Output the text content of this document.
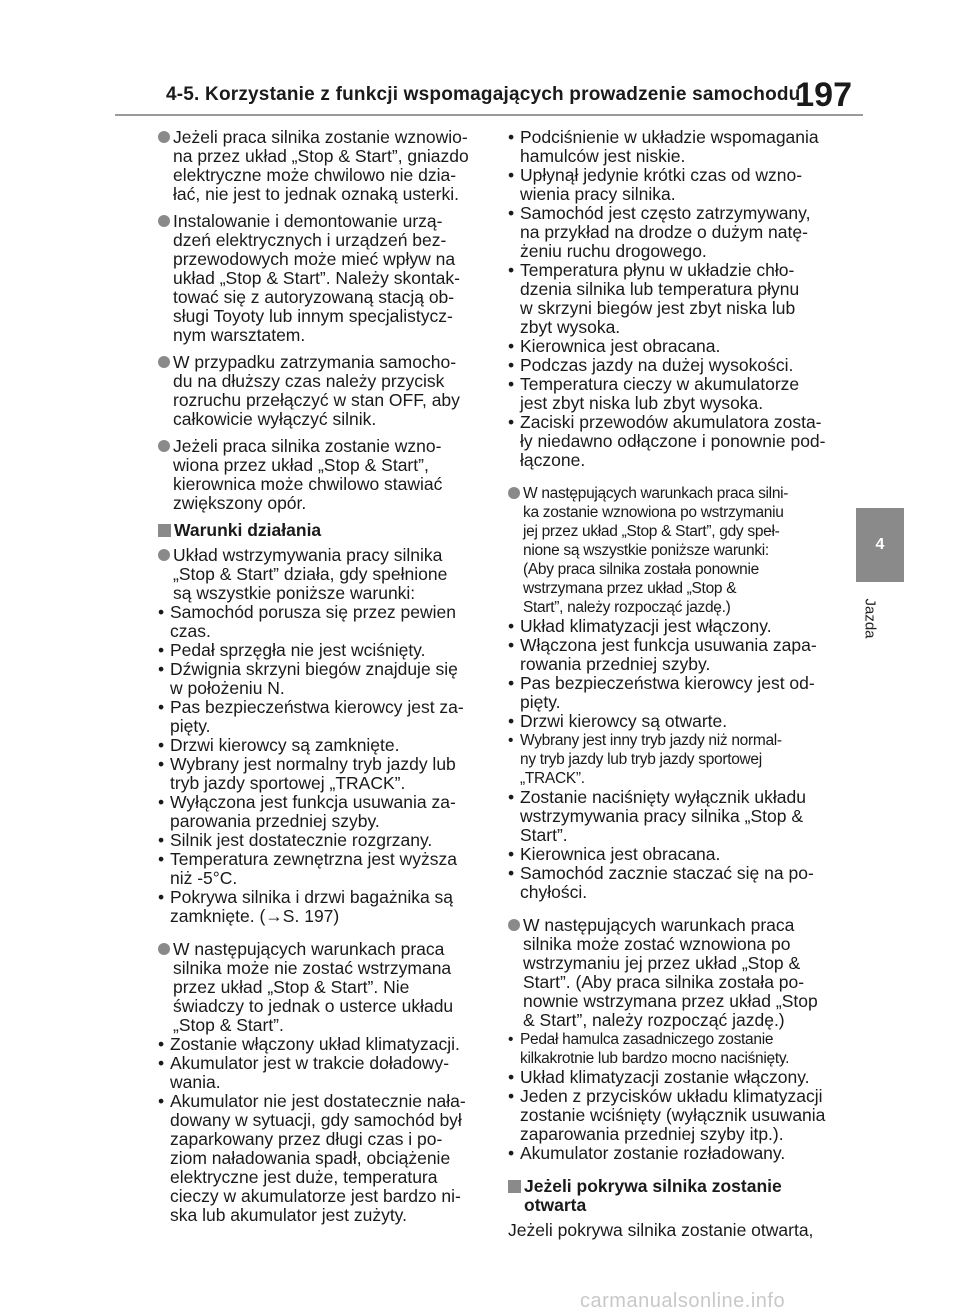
4-5. Korzystanie z funkcji wspomagających prowadzenie samochodu
197
Jeżeli praca silnika zostanie wznowio-
na przez układ „Stop & Start”, gniazdo
elektryczne może chwilowo nie dzia-
łać, nie jest to jednak oznaką usterki.
Instalowanie i demontowanie urzą-
dzeń elektrycznych i urządzeń bez-
przewodowych może mieć wpływ na
układ „Stop & Start”. Należy skontak-
tować się z autoryzowaną stacją ob-
sługi Toyoty lub innym specjalistycz-
nym warsztatem.
W przypadku zatrzymania samocho-
du na dłuższy czas należy przycisk
rozruchu przełączyć w stan OFF, aby
całkowicie wyłączyć silnik.
Jeżeli praca silnika zostanie wzno-
wiona przez układ „Stop & Start”,
kierownica może chwilowo stawiać
zwiększony opór.
Warunki działania
Układ wstrzymywania pracy silnika
„Stop & Start” działa, gdy spełnione
są wszystkie poniższe warunki:
• Samochód porusza się przez pewien
czas.
• Pedał sprzęgła nie jest wciśnięty.
• Dźwignia skrzyni biegów znajduje się
w położeniu N.
• Pas bezpieczeństwa kierowcy jest za-
pięty.
• Drzwi kierowcy są zamknięte.
• Wybrany jest normalny tryb jazdy lub
tryb jazdy sportowej „TRACK”.
• Wyłączona jest funkcja usuwania za-
parowania przedniej szyby.
• Silnik jest dostatecznie rozgrzany.
• Temperatura zewnętrzna jest wyższa
niż -5°C.
• Pokrywa silnika i drzwi bagażnika są
zamknięte. (→S. 197)
W następujących warunkach praca
silnika może nie zostać wstrzymana
przez układ „Stop & Start”. Nie
świadczy to jednak o usterce układu
„Stop & Start”.
• Zostanie włączony układ klimatyzacji.
• Akumulator jest w trakcie doładowy-
wania.
• Akumulator nie jest dostatecznie nała-
dowany w sytuacji, gdy samochód był
zaparkowany przez długi czas i po-
ziom naładowania spadł, obciążenie
elektryczne jest duże, temperatura
cieczy w akumulatorze jest bardzo ni-
ska lub akumulator jest zużyty.
• Podciśnienie w układzie wspomagania
hamulców jest niskie.
• Upłynął jedynie krótki czas od wzno-
wienia pracy silnika.
• Samochód jest często zatrzymywany,
na przykład na drodze o dużym natę-
żeniu ruchu drogowego.
• Temperatura płynu w układzie chło-
dzenia silnika lub temperatura płynu
w skrzyni biegów jest zbyt niska lub
zbyt wysoka.
• Kierownica jest obracana.
• Podczas jazdy na dużej wysokości.
• Temperatura cieczy w akumulatorze
jest zbyt niska lub zbyt wysoka.
• Zaciski przewodów akumulatora zosta-
ły niedawno odłączone i ponownie pod-
łączone.
W następujących warunkach praca silni-
ka zostanie wznowiona po wstrzymaniu
jej przez układ „Stop & Start”, gdy speł-
nione są wszystkie poniższe warunki:
(Aby praca silnika została ponownie
wstrzymana przez układ „Stop &
Start”, należy rozpocząć jazdę.)
• Układ klimatyzacji jest włączony.
• Włączona jest funkcja usuwania zapa-
rowania przedniej szyby.
• Pas bezpieczeństwa kierowcy jest od-
pięty.
• Drzwi kierowcy są otwarte.
• Wybrany jest inny tryb jazdy niż normal-
ny tryb jazdy lub tryb jazdy sportowej
„TRACK”.
• Zostanie naciśnięty wyłącznik układu
wstrzymywania pracy silnika „Stop &
Start”.
• Kierownica jest obracana.
• Samochód zacznie staczać się na po-
chyłości.
W następujących warunkach praca
silnika może zostać wznowiona po
wstrzymaniu jej przez układ „Stop &
Start”. (Aby praca silnika została po-
nownie wstrzymana przez układ „Stop
& Start”, należy rozpocząć jazdę.)
• Pedał hamulca zasadniczego zostanie
kilkakrotnie lub bardzo mocno naciśnięty.
• Układ klimatyzacji zostanie włączony.
• Jeden z przycisków układu klimatyzacji
zostanie wciśnięty (wyłącznik usuwania
zaparowania przedniej szyby itp.).
• Akumulator zostanie rozładowany.
Jeżeli pokrywa silnika zostanie
otwarta
Jeżeli pokrywa silnika zostanie otwarta,
4
Jazda
carmanualsonline.info
